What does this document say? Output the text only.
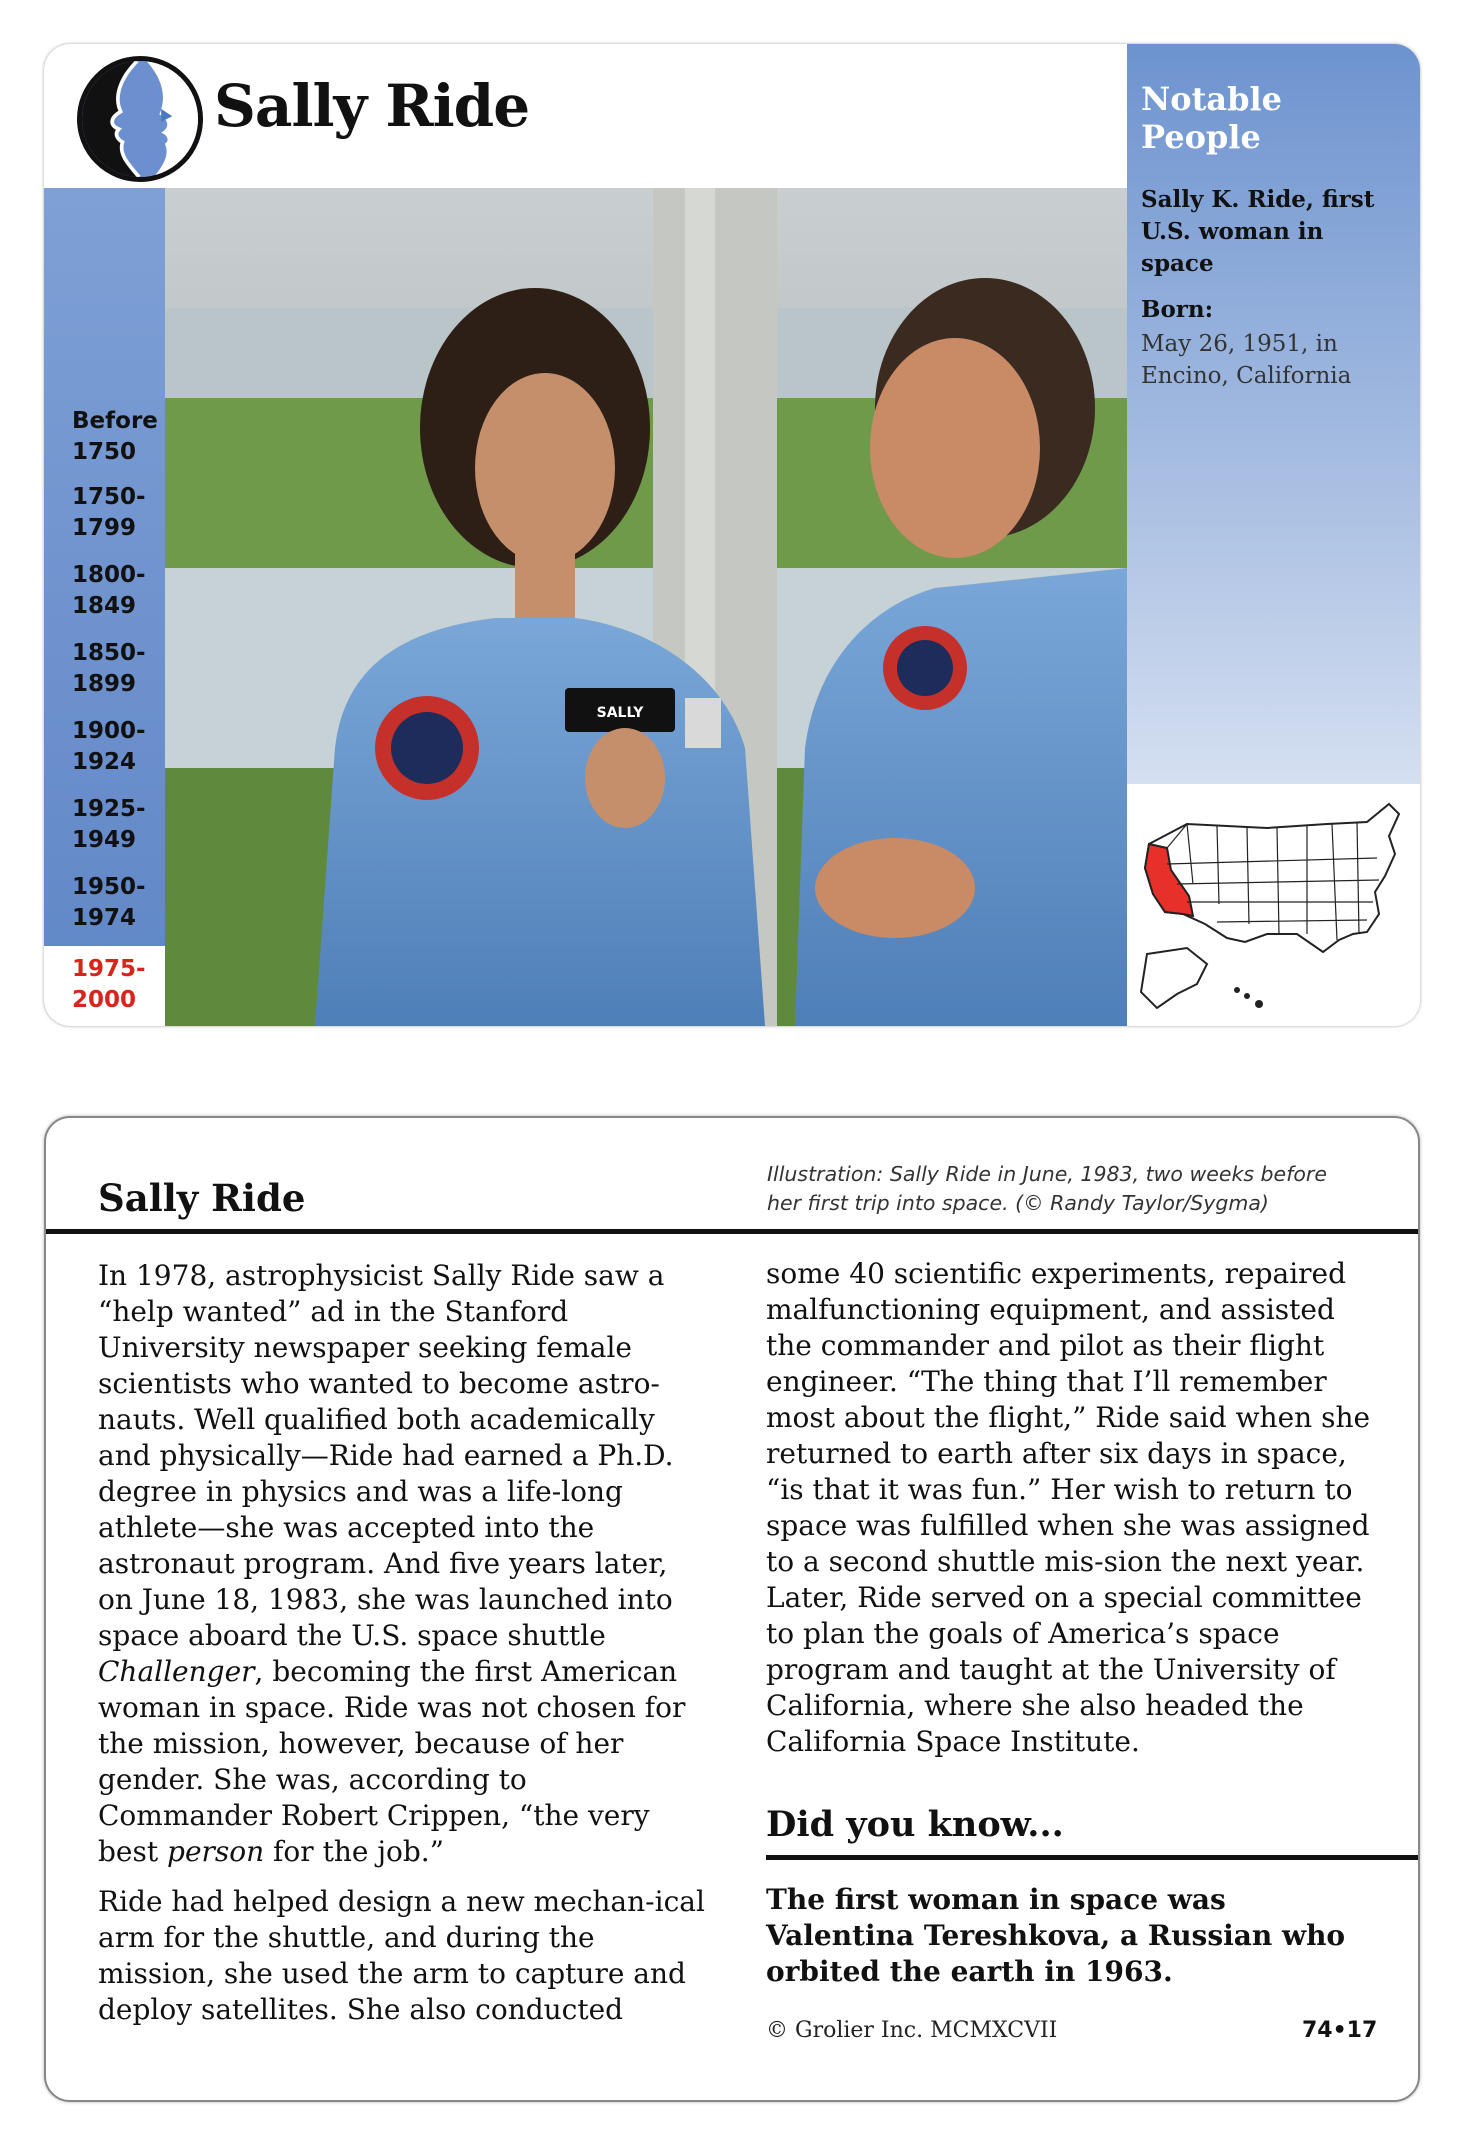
Sally Ride
Before
1750
1750-
1799
1800-
1849
1850-
1899
1900-
1924
1925-
1949
1950-
1974
1975-
2000
SALLY
Notable People
Sally K. Ride, first U.S. woman in space
Born:
May 26, 1951, in Encino, California
Sally Ride
Illustration: Sally Ride in June, 1983, two weeks before her first trip into space. (© Randy Taylor/Sygma)

In 1978, astrophysicist Sally Ride saw a “help wanted” ad in the Stanford University newspaper seeking female scientists who wanted to become astro-nauts. Well qualified both academically and physically—Ride had earned a Ph.D. degree in physics and was a life-long athlete—she was accepted into the astronaut program. And five years later, on June 18, 1983, she was launched into space aboard the U.S. space shuttle Challenger, becoming the first American woman in space. Ride was not chosen for the mission, however, because of her gender. She was, according to Commander Robert Crippen, “the very best person for the job.”

Ride had helped design a new mechan-ical arm for the shuttle, and during the mission, she used the arm to capture and deploy satellites. She also conducted

some 40 scientific experiments, repaired malfunctioning equipment, and assisted the commander and pilot as their flight engineer. “The thing that I’ll remember most about the flight,” Ride said when she returned to earth after six days in space, “is that it was fun.” Her wish to return to space was fulfilled when she was assigned to a second shuttle mis-sion the next year. Later, Ride served on a special committee to plan the goals of America’s space program and taught at the University of California, where she also headed the California Space Institute.

Did you know...
The first woman in space was Valentina Tereshkova, a Russian who orbited the earth in 1963.
© Grolier Inc. MCMXCVII	74•17
